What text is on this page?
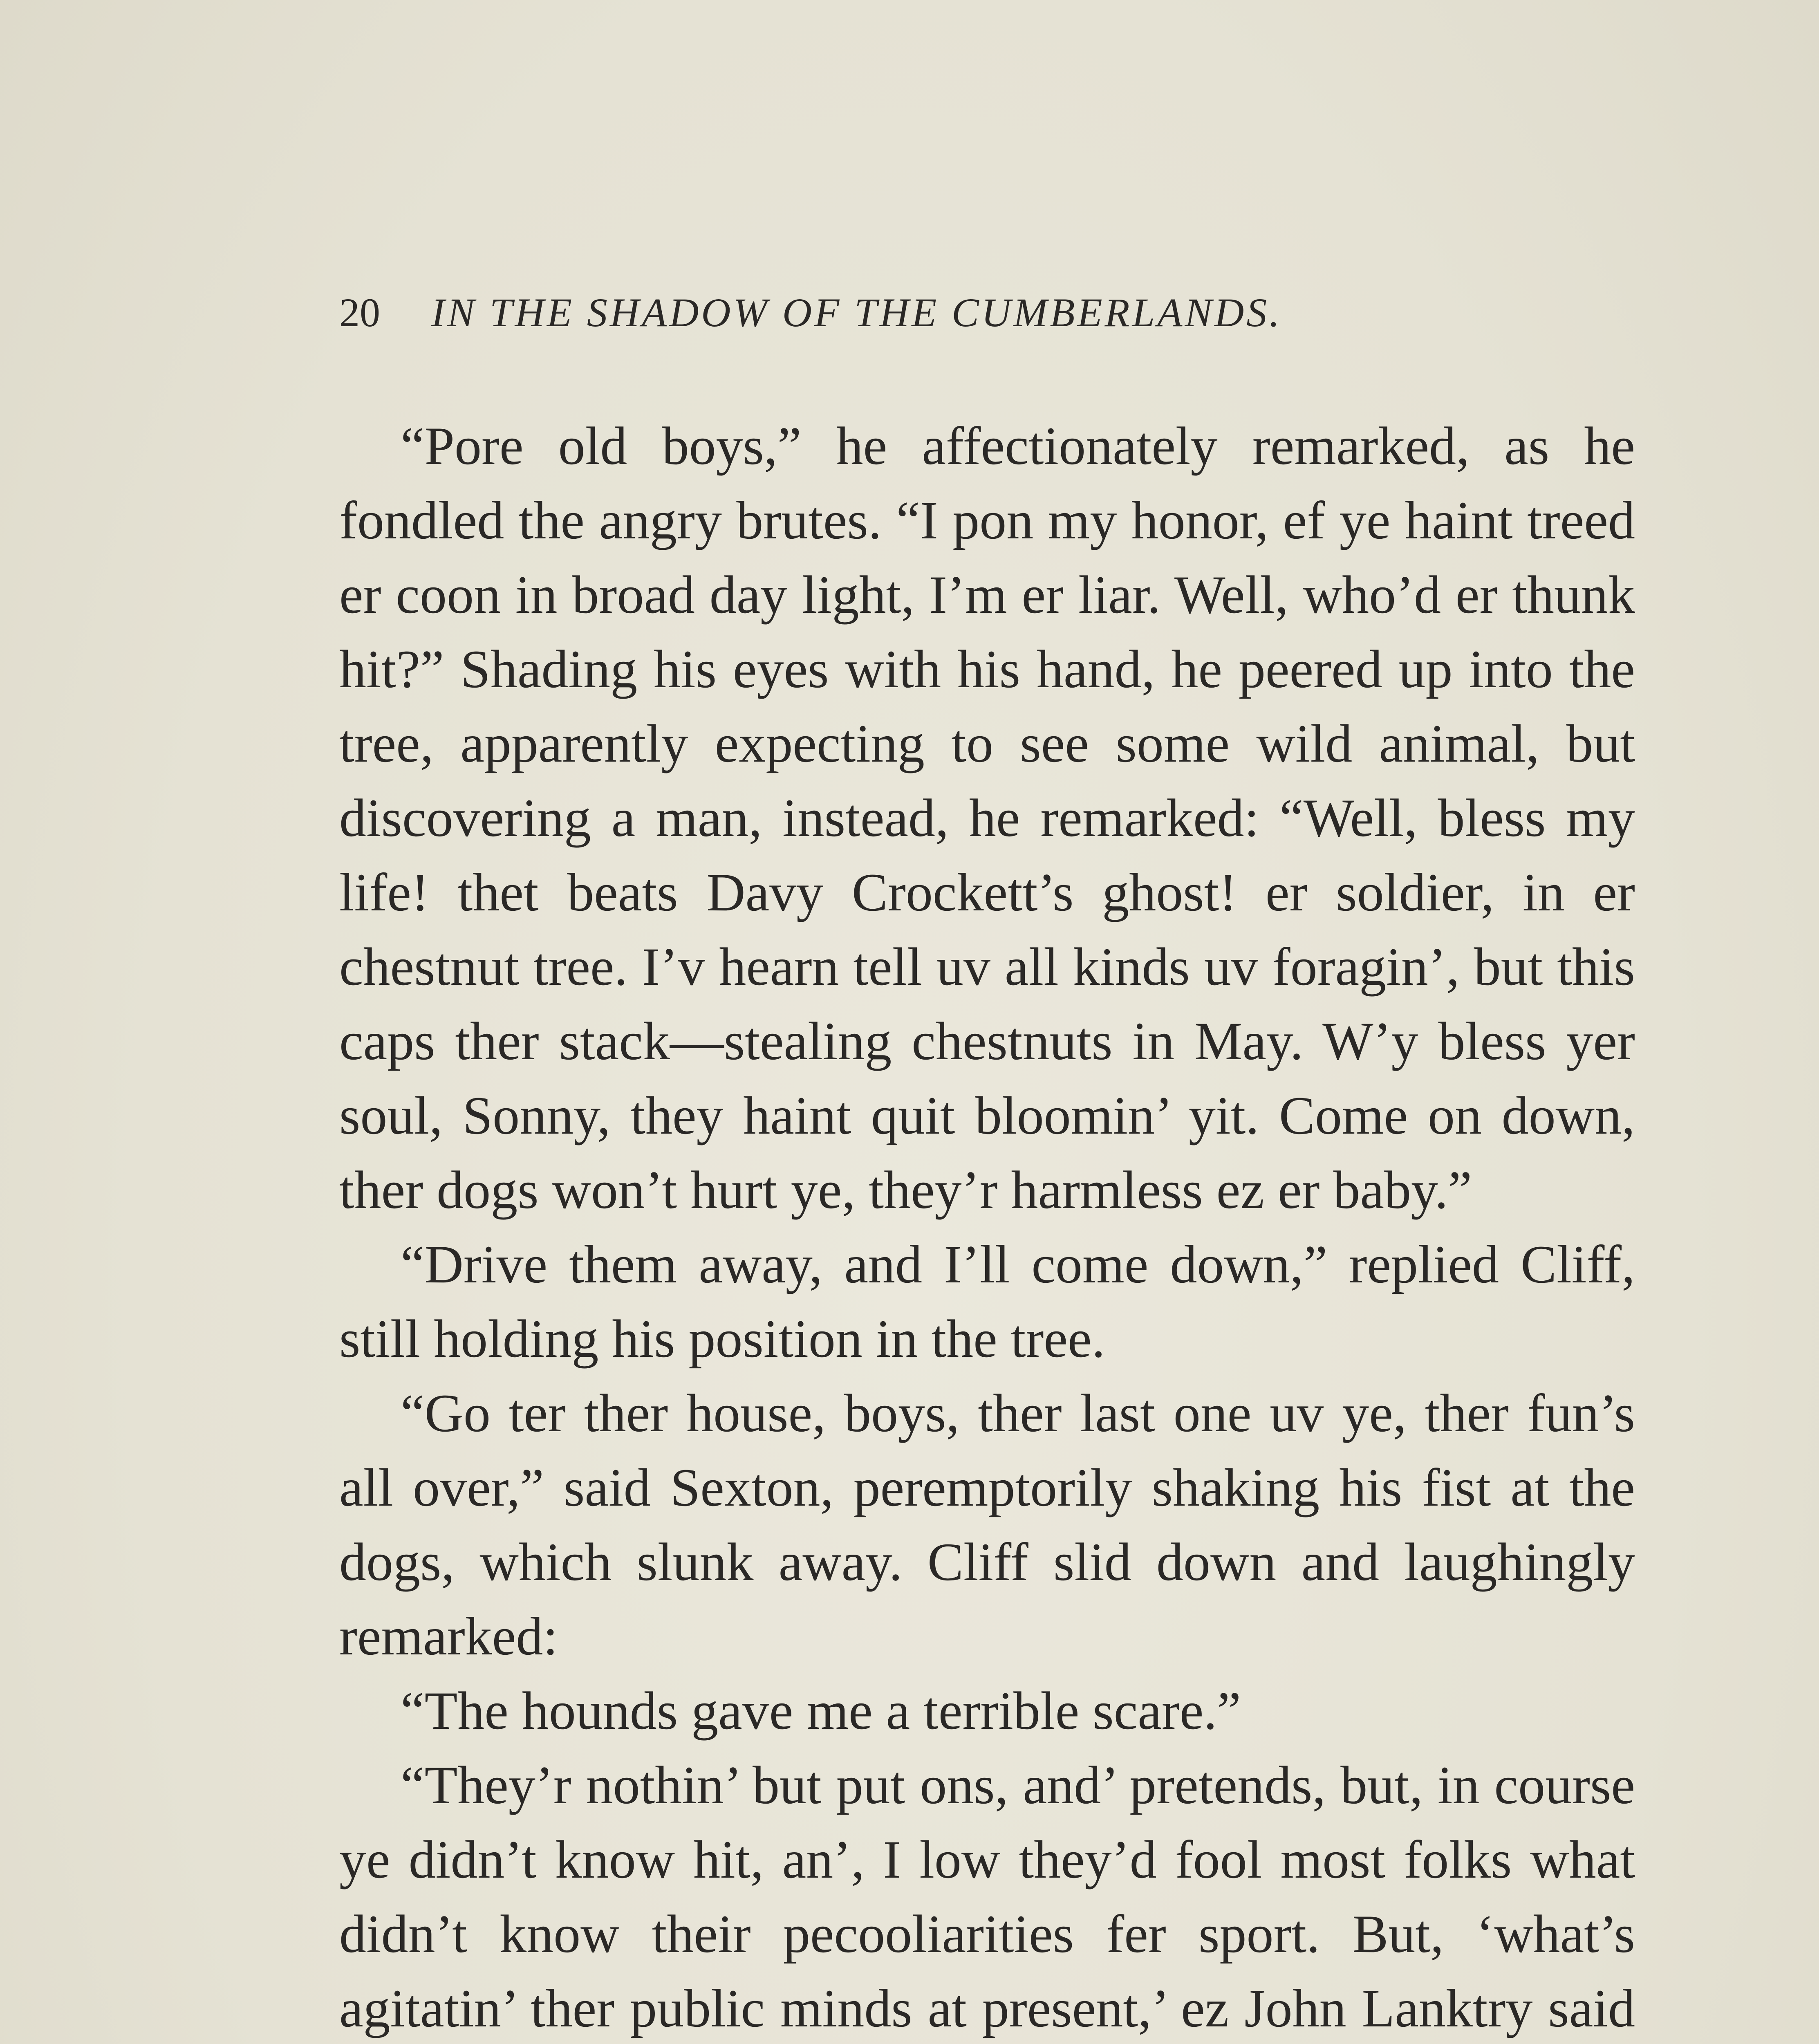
20 IN THE SHADOW OF THE CUMBERLANDS.

“Pore old boys,” he affectionately remarked, as he fondled the angry brutes. “I pon my honor, ef ye haint treed er coon in broad day light, I’m er liar. Well, who’d er thunk hit?” Shading his eyes with his hand, he peered up into the tree, apparently expecting to see some wild animal, but discovering a man, instead, he remarked: “Well, bless my life! thet beats Davy Crockett’s ghost! er soldier, in er chestnut tree. I’v hearn tell uv all kinds uv foragin’, but this caps ther stack—stealing chestnuts in May. W’y bless yer soul, Sonny, they haint quit bloomin’ yit. Come on down, ther dogs won’t hurt ye, they’r harmless ez er baby.”

“Drive them away, and I’ll come down,” replied Cliff, still holding his position in the tree.

“Go ter ther house, boys, ther last one uv ye, ther fun’s all over,” said Sexton, peremptorily shaking his fist at the dogs, which slunk away. Cliff slid down and laughingly remarked:

“The hounds gave me a terrible scare.”

“They’r nothin’ but put ons, and’ pretends, but, in course ye didn’t know hit, an’, I low they’d fool most folks what didn’t know their pecooliarities fer sport. But, ‘what’s agitatin’ ther public minds at present,’ ez John Lanktry said
